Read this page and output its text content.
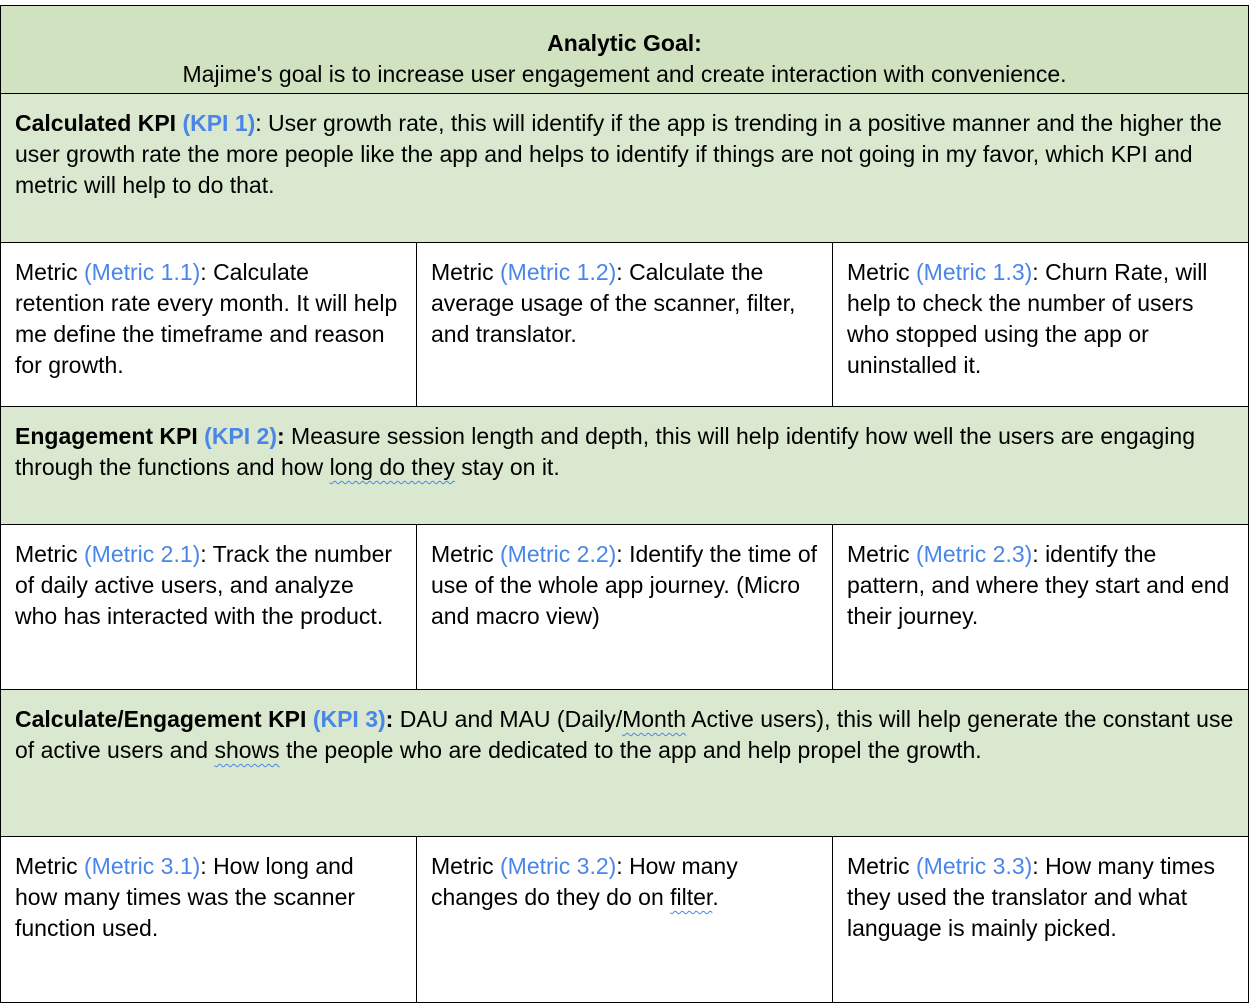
Analytic Goal:
Majime's goal is to increase user engagement and create interaction with convenience.		

Calculated KPI (KPI 1): User growth rate, this will identify if the app is trending in a positive manner and the higher the user growth rate the more people like the app and helps to identify if things are not going in my favor, which KPI and metric will help to do that.		
Metric (Metric 1.1): Calculate retention rate every month. It will help me define the timeframe and reason for growth.	Metric (Metric 1.2): Calculate the average usage of the scanner, filter, and translator.	Metric (Metric 1.3): Churn Rate, will help to check the number of users who stopped using the app or uninstalled it.
Engagement KPI (KPI 2): Measure session length and depth, this will help identify how well the users are engaging through the functions and how long do they stay on it.		
Metric (Metric 2.1): Track the number of daily active users, and analyze who has interacted with the product.	Metric (Metric 2.2): Identify the time of use of the whole app journey. (Micro and macro view)	Metric (Metric 2.3): identify the pattern, and where they start and end their journey.
Calculate/Engagement KPI (KPI 3): DAU and MAU (Daily/Month Active users), this will help generate the constant use of active users and shows the people who are dedicated to the app and help propel the growth.		
Metric (Metric 3.1): How long and how many times was the scanner function used.	Metric (Metric 3.2): How many changes do they do on filter.	Metric (Metric 3.3): How many times they used the translator and what language is mainly picked.
